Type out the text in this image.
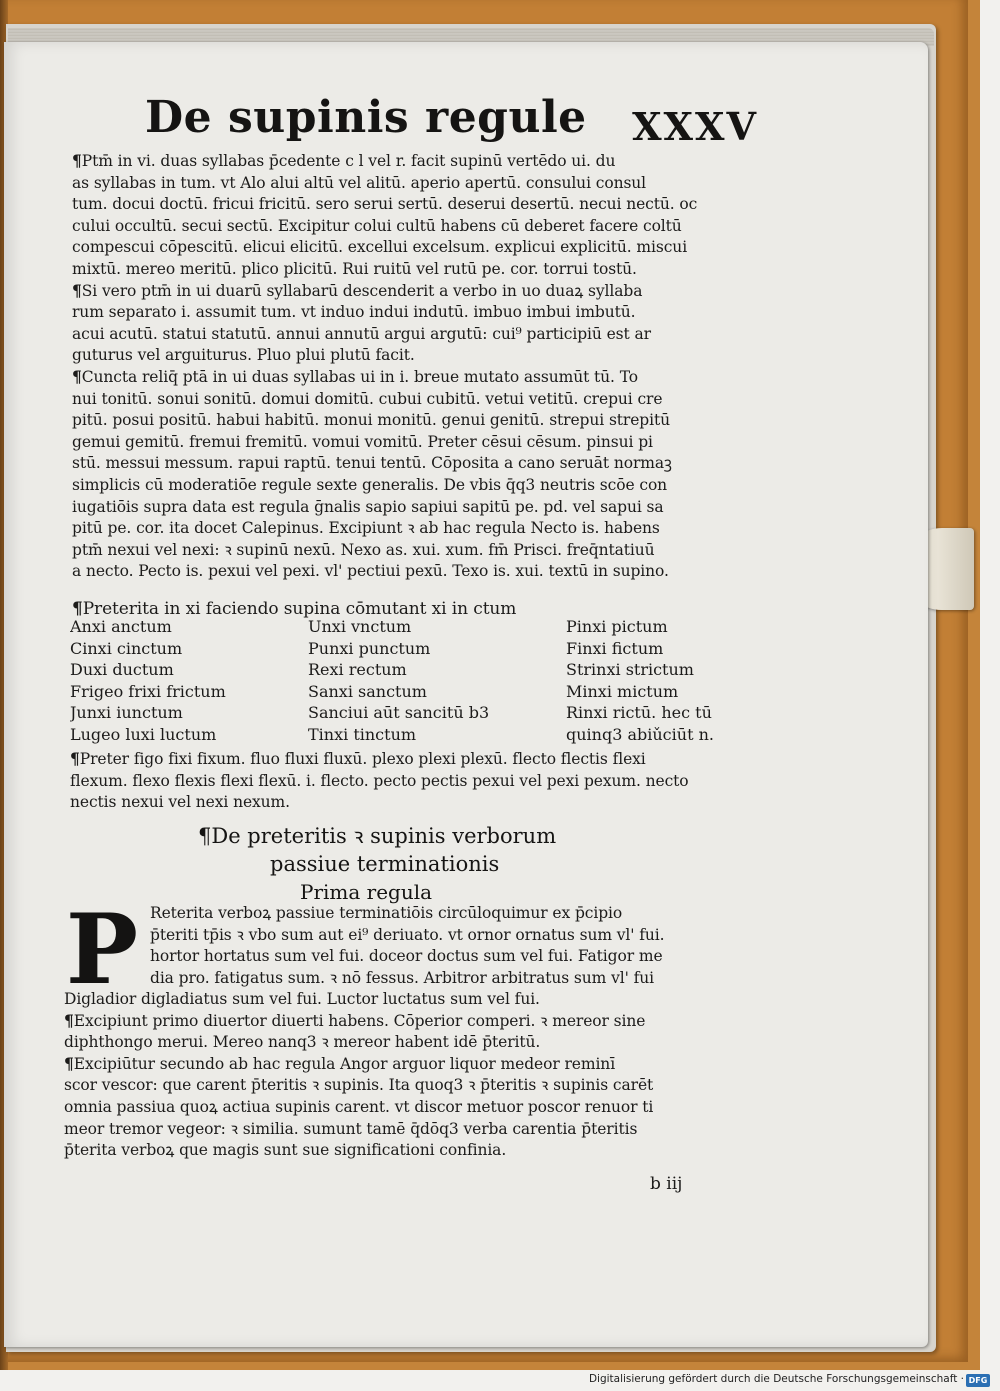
De supinis regule	XXXV
¶Ptm̄ in vi. duas syllabas p̄cedente c l vel r. facit supinū vertēdo ui. du
as syllabas in tum. vt Alo alui altū vel alitū. aperio apertū. consului consul
tum. docui doctū. fricui fricitū. sero serui sertū. deserui desertū. necui nectū. oc
cului occultū. secui sectū. Excipitur colui cultū habens cū deberet facere coltū
compescui cōpescitū. elicui elicitū. excellui excelsum. explicui explicitū. miscui
mixtū. mereo meritū. plico plicitū. Rui ruitū vel rutū pe. cor. torrui tostū.
¶Si vero ptm̄ in ui duarū syllabarū descenderit a verbo in uo duaꝝ syllaba
rum separato i. assumit tum. vt induo indui indutū. imbuo imbui imbutū.
acui acutū. statui statutū. annui annutū argui argutū: cui⁹ participiū est ar
guturus vel arguiturus. Pluo plui plutū facit.
¶Cuncta reliq̄ ptā in ui duas syllabas ui in i. breue mutato assumūt tū. To
nui tonitū. sonui sonitū. domui domitū. cubui cubitū. vetui vetitū. crepui cre
pitū. posui positū. habui habitū. monui monitū. genui genitū. strepui strepitū
gemui gemitū. fremui fremitū. vomui vomitū. Preter cēsui cēsum. pinsui pi
stū. messui messum. rapui raptū. tenui tentū. Cōposita a cano seruāt normaꝫ
simplicis cū moderatiōe regule sexte generalis. De vbis q̄q3 neutris scōe con
iugatiōis supra data est regula ḡnalis sapio sapiui sapitū pe. pd. vel sapui sa
pitū pe. cor. ita docet Calepinus. Excipiunt ꝛ ab hac regula Necto is. habens
ptm̄ nexui vel nexi: ꝛ supinū nexū. Nexo as. xui. xum. fm̄ Prisci. freq̄ntatiuū
a necto. Pecto is. pexui vel pexi. vl' pectiui pexū. Texo is. xui. textū in supino.
¶Preterita in xi faciendo supina cōmutant xi in ctum
Anxi anctum	Unxi vnctum	Pinxi pictum
Cinxi cinctum	Punxi punctum	Finxi fictum
Duxi ductum	Rexi rectum	Strinxi strictum
Frigeo frixi frictum	Sanxi sanctum	Minxi mictum
Junxi iunctum	Sanciui aūt sancitū b3	Rinxi rictū. hec tū
Lugeo luxi luctum	Tinxi tinctum	quinq3 abiǔciūt n.
¶Preter figo fixi fixum. fluo fluxi fluxū. plexo plexi plexū. flecto flectis flexi
flexum. flexo flexis flexi flexū. i. flecto. pecto pectis pexui vel pexi pexum. necto
nectis nexui vel nexi nexum.
¶De preteritis ꝛ supinis verborum
passiue terminationis
Prima regula
P Reterita verboꝝ passiue terminatiōis circūloquimur ex p̄cipio
p̄teriti tp̄is ꝛ vbo sum aut ei⁹ deriuato. vt ornor ornatus sum vl' fui.
hortor hortatus sum vel fui. doceor doctus sum vel fui. Fatigor me
dia pro. fatigatus sum. ꝛ nō fessus. Arbitror arbitratus sum vl' fui
Digladior digladiatus sum vel fui. Luctor luctatus sum vel fui.
¶Excipiunt primo diuertor diuerti habens. Cōperior comperi. ꝛ mereor sine
diphthongo merui. Mereo nanq3 ꝛ mereor habent idē p̄teritū.
¶Excipiūtur secundo ab hac regula Angor arguor liquor medeor reminī
scor vescor: que carent p̄teritis ꝛ supinis. Ita quoq3 ꝛ p̄teritis ꝛ supinis carēt
omnia passiua quoꝝ actiua supinis carent. vt discor metuor poscor renuor ti
meor tremor vegeor: ꝛ similia. sumunt tamē q̄dōq3 verba carentia p̄teritis
p̄terita verboꝝ que magis sunt sue significationi confinia.
b iij
Digitalisierung gefördert durch die Deutsche Forschungsgemeinschaft · DFG
